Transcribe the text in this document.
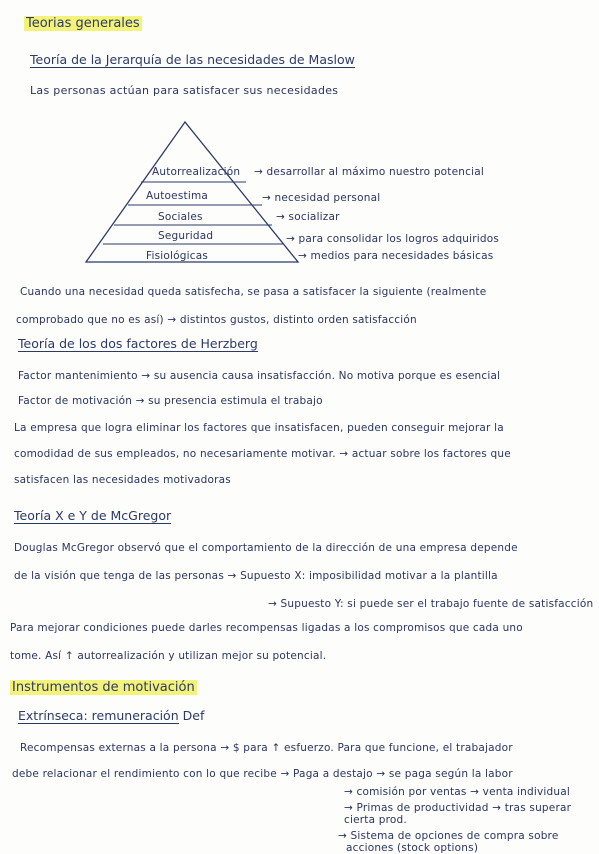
Teorias generales
Teoría de la Jerarquía de las necesidades de Maslow
Las personas actúan para satisfacer sus necesidades
Autorrealización
Autoestima
Sociales
Seguridad
Fisiológicas
→ desarrollar al máximo nuestro potencial
→ necesidad personal
→ socializar
→ para consolidar los logros adquiridos
→ medios para necesidades básicas
Cuando una necesidad queda satisfecha, se pasa a satisfacer la siguiente (realmente
comprobado que no es así) → distintos gustos, distinto orden satisfacción
Teoría de los dos factores de Herzberg
Factor mantenimiento → su ausencia causa insatisfacción. No motiva porque es esencial
Factor de motivación → su presencia estimula el trabajo
La empresa que logra eliminar los factores que insatisfacen, pueden conseguir mejorar la
comodidad de sus empleados, no necesariamente motivar. → actuar sobre los factores que
satisfacen las necesidades motivadoras
Teoría X e Y de McGregor
Douglas McGregor observó que el comportamiento de la dirección de una empresa depende
de la visión que tenga de las personas → Supuesto X: imposibilidad motivar a la plantilla
→ Supuesto Y: si puede ser el trabajo fuente de satisfacción
Para mejorar condiciones puede darles recompensas ligadas a los compromisos que cada uno
tome. Así ↑ autorrealización y utilizan mejor su potencial.
Instrumentos de motivación
Extrínseca: remuneración Def
Recompensas externas a la persona → $ para ↑ esfuerzo. Para que funcione, el trabajador
debe relacionar el rendimiento con lo que recibe → Paga a destajo → se paga según la labor
→ comisión por ventas → venta individual
→ Primas de productividad → tras superar
cierta prod.
→ Sistema de opciones de compra sobre
acciones (stock options)
